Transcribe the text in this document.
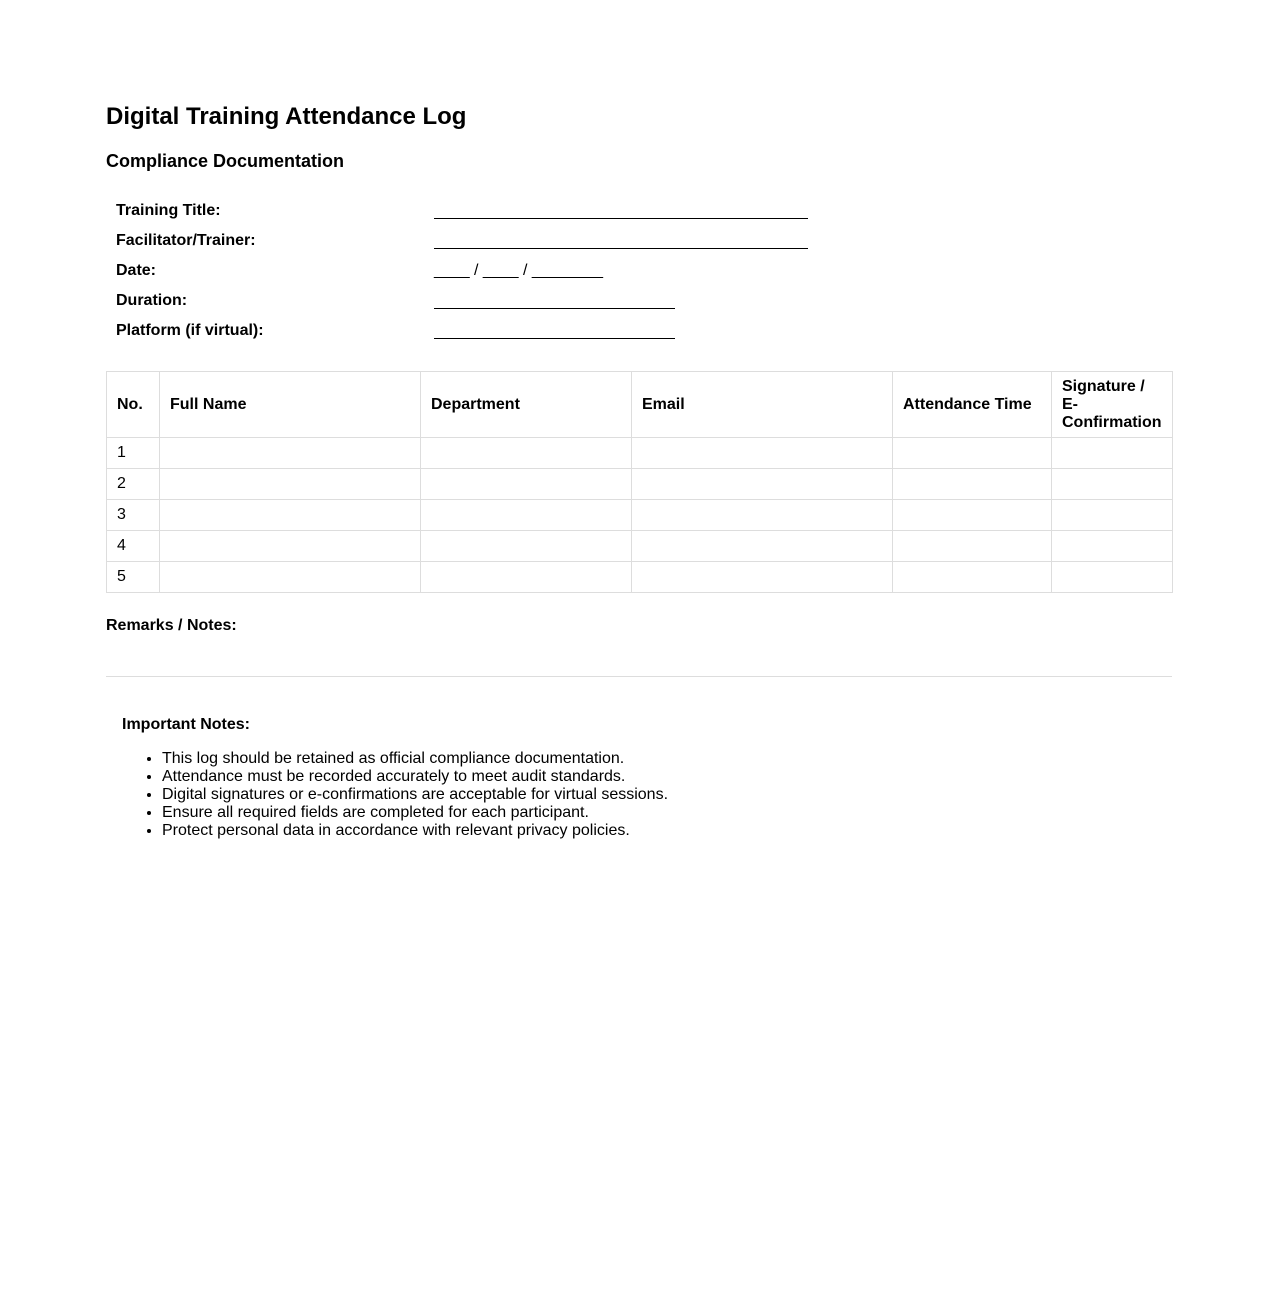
Digital Training Attendance Log
Compliance Documentation
Training Title:
Facilitator/Trainer:
Date:	____ / ____ / ________
Duration:
Platform (if virtual):
No.	Full Name	Department	Email	Attendance Time	Signature / E-Confirmation
1					
2					
3					
4					
5					
Remarks / Notes:
Important Notes:
• This log should be retained as official compliance documentation.
• Attendance must be recorded accurately to meet audit standards.
• Digital signatures or e-confirmations are acceptable for virtual sessions.
• Ensure all required fields are completed for each participant.
• Protect personal data in accordance with relevant privacy policies.
